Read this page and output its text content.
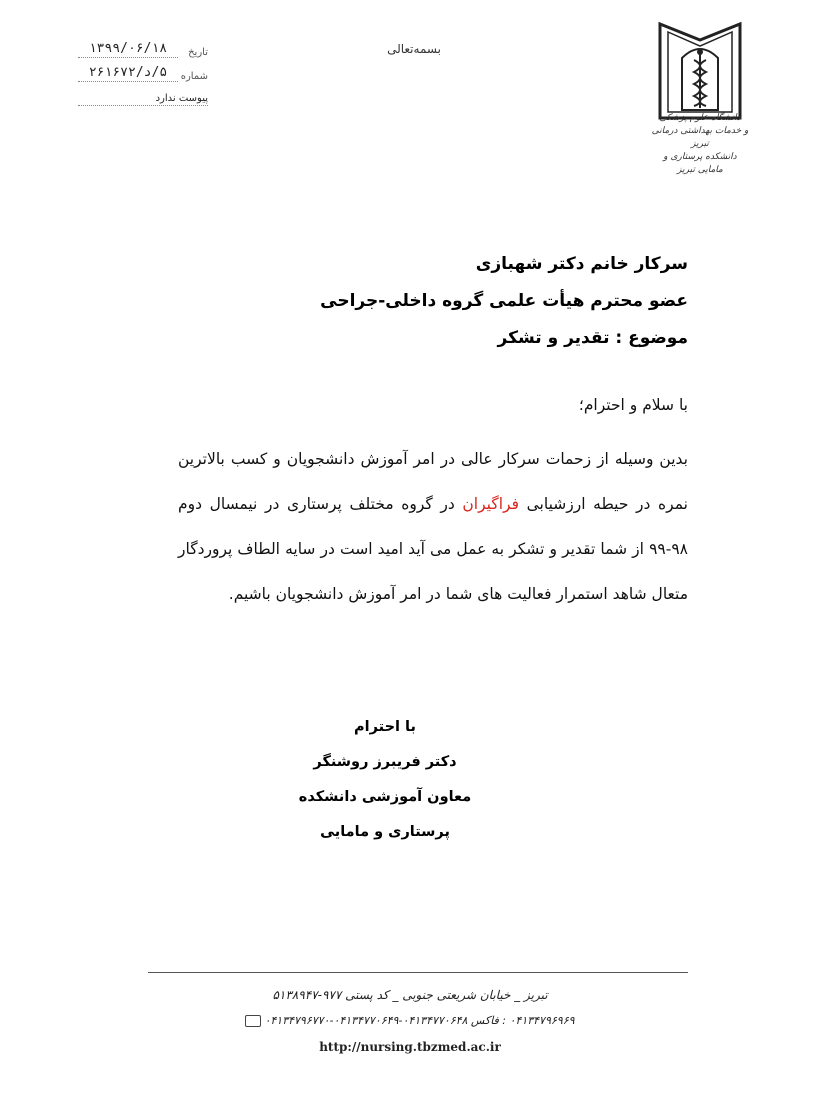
تاریخ
۱۳۹۹/۰۶/۱۸
شماره
۵/د/۲۶۱۶۷۲
پیوست ندارد
بسمه‌تعالی
دانشگاه علوم پزشکی
و خدمات بهداشتی درمانی تبریز
دانشکده پرستاری و مامایی تبریز
سرکار خانم دکتر شهبازی
عضو محترم هیأت علمی گروه داخلی-جراحی
موضوع : تقدیر و تشکر
با سلام و احترام؛
بدین وسیله از زحمات سرکار عالی در امر آموزش دانشجویان و کسب بالاترین نمره در حیطه ارزشیابی فراگیران در گروه مختلف پرستاری در نیمسال دوم ۹۸-۹۹ از شما تقدیر و تشکر به عمل می آید امید است در سایه الطاف پروردگار متعال شاهد استمرار فعالیت های شما در امر آموزش دانشجویان باشیم.
با احترام
دکتر فریبرز روشنگر
معاون آموزشی دانشکده
پرستاری و مامایی
تبریز _ خیابان شریعتی جنوبی _ کد پستی ۹۷۷-۵۱۳۸۹۴۷
۰۴۱۳۴۷۹۶۹۶۹ : فاکس ۰۴۱۳۴۷۷۰۶۴۸-۰۴۱۳۴۷۷۰۶۴۹-۰۴۱۳۴۷۹۶۷۷۰
http://nursing.tbzmed.ac.ir
